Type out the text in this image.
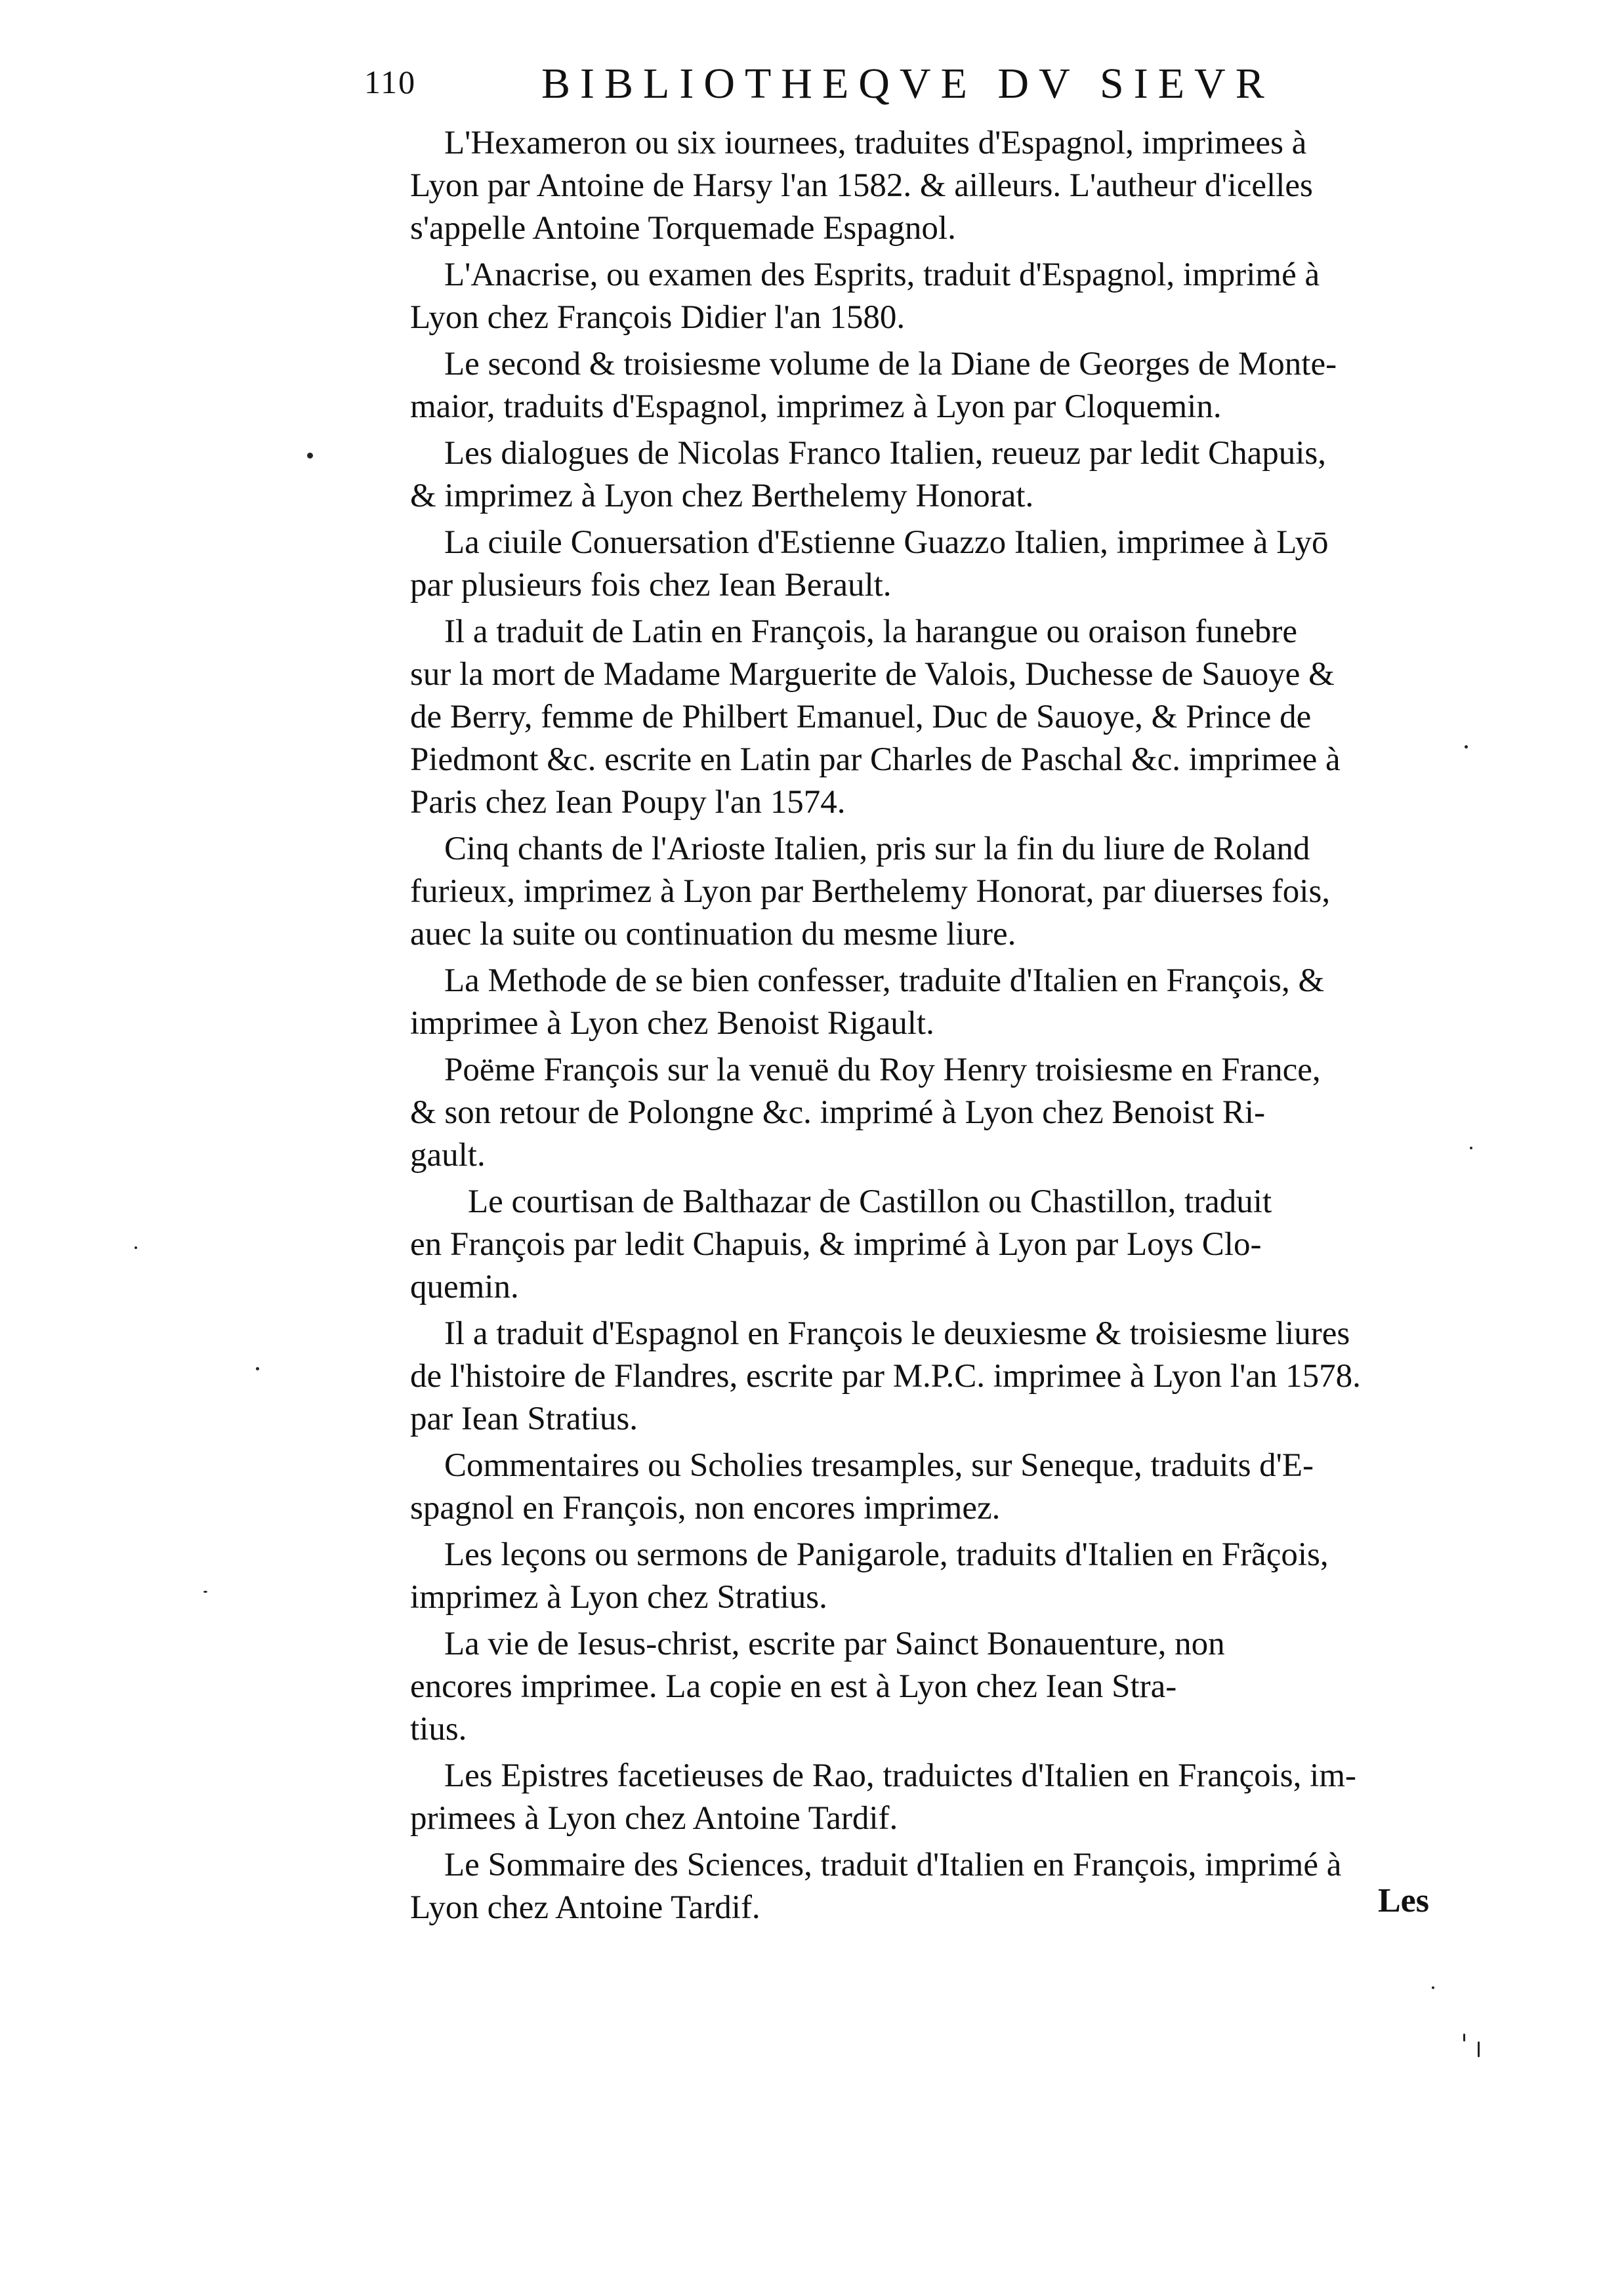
110	BIBLIOTHEQVE DV SIEVR
L'Hexameron ou six iournees, traduites d'Espagnol, imprimees à
Lyon par Antoine de Harsy l'an 1582. & ailleurs. L'autheur d'icelles
s'appelle Antoine Torquemade Espagnol.
L'Anacrise, ou examen des Esprits, traduit d'Espagnol, imprimé à
Lyon chez François Didier l'an 1580.
Le second & troisiesme volume de la Diane de Georges de Monte-
maior, traduits d'Espagnol, imprimez à Lyon par Cloquemin.
Les dialogues de Nicolas Franco Italien, reueuz par ledit Chapuis,
& imprimez à Lyon chez Berthelemy Honorat.
La ciuile Conuersation d'Estienne Guazzo Italien, imprimee à Lyō
par plusieurs fois chez Iean Berault.
Il a traduit de Latin en François, la harangue ou oraison funebre
sur la mort de Madame Marguerite de Valois, Duchesse de Sauoye &
de Berry, femme de Philbert Emanuel, Duc de Sauoye, & Prince de
Piedmont &c. escrite en Latin par Charles de Paschal &c. imprimee à
Paris chez Iean Poupy l'an 1574.
Cinq chants de l'Arioste Italien, pris sur la fin du liure de Roland
furieux, imprimez à Lyon par Berthelemy Honorat, par diuerses fois,
auec la suite ou continuation du mesme liure.
La Methode de se bien confesser, traduite d'Italien en François, &
imprimee à Lyon chez Benoist Rigault.
Poëme François sur la venuë du Roy Henry troisiesme en France,
& son retour de Polongne &c. imprimé à Lyon chez Benoist Ri-
gault.
Le courtisan de Balthazar de Castillon ou Chastillon, traduit
en François par ledit Chapuis, & imprimé à Lyon par Loys Clo-
quemin.
Il a traduit d'Espagnol en François le deuxiesme & troisiesme liures
de l'histoire de Flandres, escrite par M.P.C. imprimee à Lyon l'an 1578.
par Iean Stratius.
Commentaires ou Scholies tresamples, sur Seneque, traduits d'E-
spagnol en François, non encores imprimez.
Les leçons ou sermons de Panigarole, traduits d'Italien en Frãçois,
imprimez à Lyon chez Stratius.
La vie de Iesus-christ, escrite par Sainct Bonauenture, non
encores imprimee. La copie en est à Lyon chez Iean Stra-
tius.
Les Epistres facetieuses de Rao, traduictes d'Italien en François, im-
primees à Lyon chez Antoine Tardif.
Le Sommaire des Sciences, traduit d'Italien en François, imprimé à
Lyon chez Antoine Tardif.	Les
